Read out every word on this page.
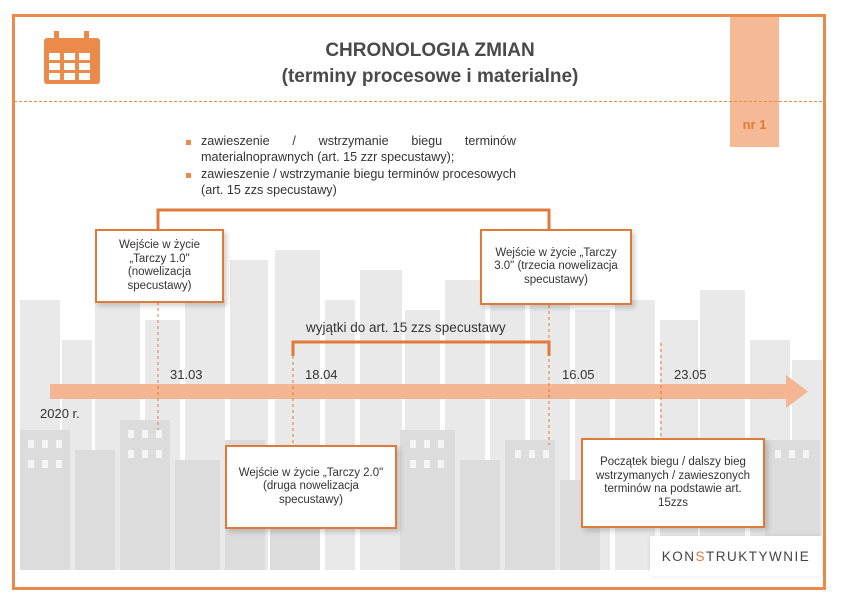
nr 1
CHRONOLOGIA ZMIAN
(terminy procesowe i materialne)
zawieszenie / wstrzymanie biegu terminów materialnoprawnych (art. 15 zzr specustawy);
zawieszenie / wstrzymanie biegu terminów procesowych (art. 15 zzs specustawy)
Wejście w życie „Tarczy 1.0" (nowelizacja specustawy)
Wejście w życie „Tarczy 3.0" (trzecia nowelizacja specustawy)
Wejście w życie „Tarczy 2.0" (druga nowelizacja specustawy)
Początek biegu / dalszy bieg wstrzymanych / zawieszonych terminów na podstawie art. 15zzs
wyjątki do art. 15 zzs specustawy
31.03	18.04	16.05	23.05
2020 r.
KON S TRUKTYWNIE
